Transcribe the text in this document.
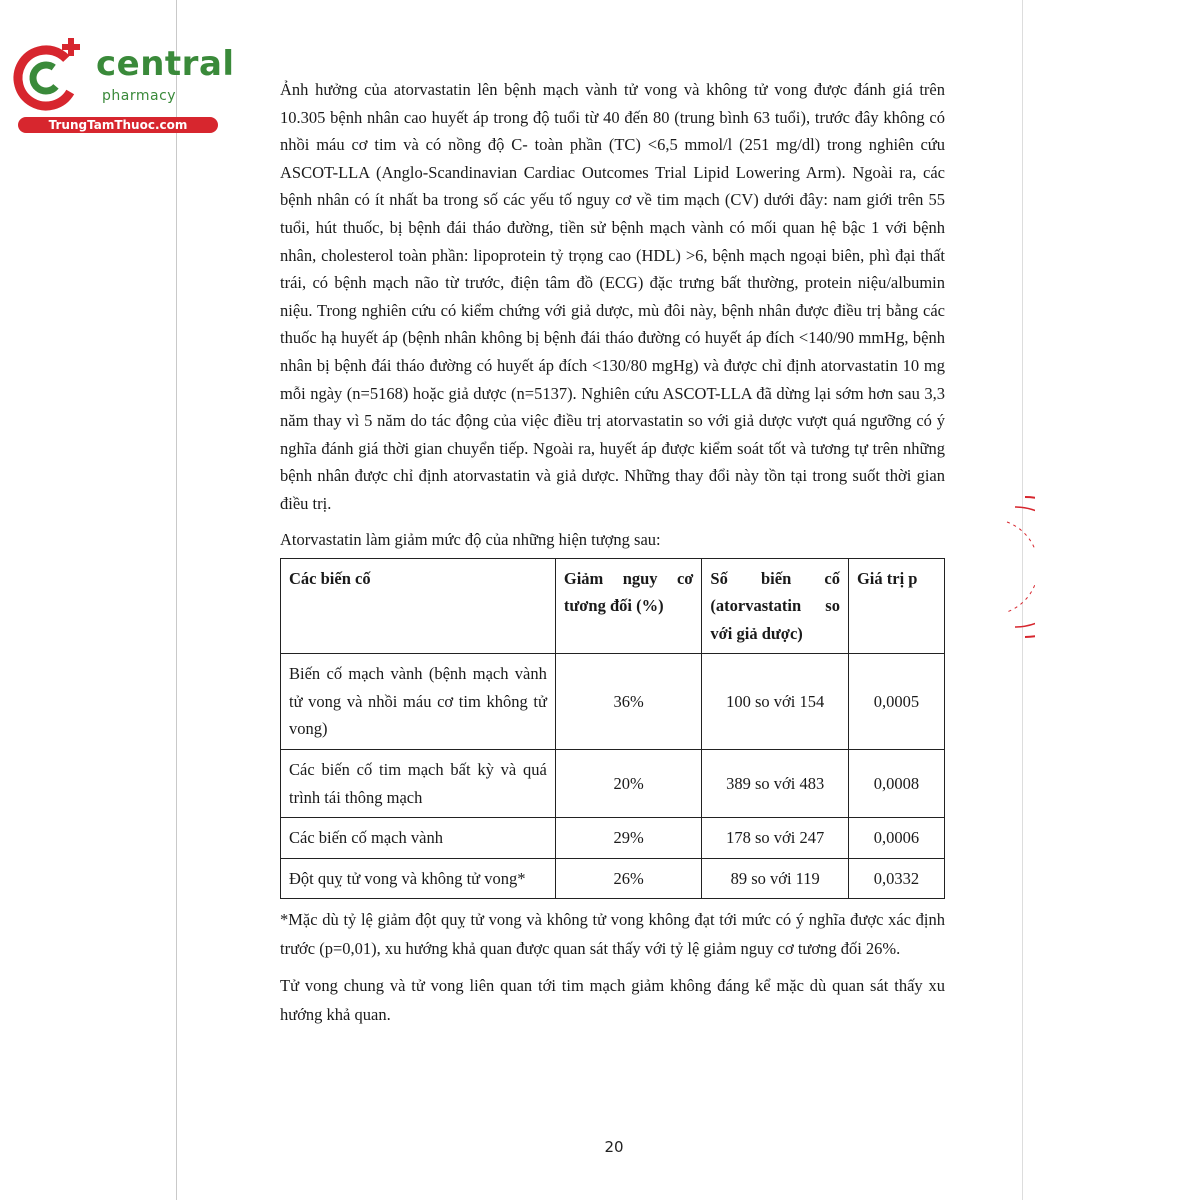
central
pharmacy
TrungTamThuoc.com

Ảnh hưởng của atorvastatin lên bệnh mạch vành tử vong và không tử vong được đánh giá trên 10.305 bệnh nhân cao huyết áp trong độ tuổi từ 40 đến 80 (trung bình 63 tuổi), trước đây không có nhồi máu cơ tim và có nồng độ C- toàn phần (TC) <6,5 mmol/l (251 mg/dl) trong nghiên cứu ASCOT-LLA (Anglo-Scandinavian Cardiac Outcomes Trial Lipid Lowering Arm). Ngoài ra, các bệnh nhân có ít nhất ba trong số các yếu tố nguy cơ về tim mạch (CV) dưới đây: nam giới trên 55 tuổi, hút thuốc, bị bệnh đái tháo đường, tiền sử bệnh mạch vành có mối quan hệ bậc 1 với bệnh nhân, cholesterol toàn phần: lipoprotein tỷ trọng cao (HDL) >6, bệnh mạch ngoại biên, phì đại thất trái, có bệnh mạch não từ trước, điện tâm đồ (ECG) đặc trưng bất thường, protein niệu/albumin niệu. Trong nghiên cứu có kiểm chứng với giả dược, mù đôi này, bệnh nhân được điều trị bằng các thuốc hạ huyết áp (bệnh nhân không bị bệnh đái tháo đường có huyết áp đích <140/90 mmHg, bệnh nhân bị bệnh đái tháo đường có huyết áp đích <130/80 mgHg) và được chỉ định atorvastatin 10 mg mỗi ngày (n=5168) hoặc giả dược (n=5137). Nghiên cứu ASCOT-LLA đã dừng lại sớm hơn sau 3,3 năm thay vì 5 năm do tác động của việc điều trị atorvastatin so với giả dược vượt quá ngưỡng có ý nghĩa đánh giá thời gian chuyển tiếp. Ngoài ra, huyết áp được kiểm soát tốt và tương tự trên những bệnh nhân được chỉ định atorvastatin và giả dược. Những thay đổi này tồn tại trong suốt thời gian điều trị.

Atorvastatin làm giảm mức độ của những hiện tượng sau:

Các biến cố	Giảm nguy cơ tương đối (%)	Số biến cố (atorvastatin so với giả dược)	Giá trị p
Biến cố mạch vành (bệnh mạch vành tử vong và nhồi máu cơ tim không tử vong)	36%	100 so với 154	0,0005
Các biến cố tim mạch bất kỳ và quá trình tái thông mạch	20%	389 so với 483	0,0008
Các biến cố mạch vành	29%	178 so với 247	0,0006
Đột quỵ tử vong và không tử vong*	26%	89 so với 119	0,0332

*Mặc dù tỷ lệ giảm đột quỵ tử vong và không tử vong không đạt tới mức có ý nghĩa được xác định trước (p=0,01), xu hướng khả quan được quan sát thấy với tỷ lệ giảm nguy cơ tương đối 26%.

Tử vong chung và tử vong liên quan tới tim mạch giảm không đáng kể mặc dù quan sát thấy xu hướng khả quan.

20
